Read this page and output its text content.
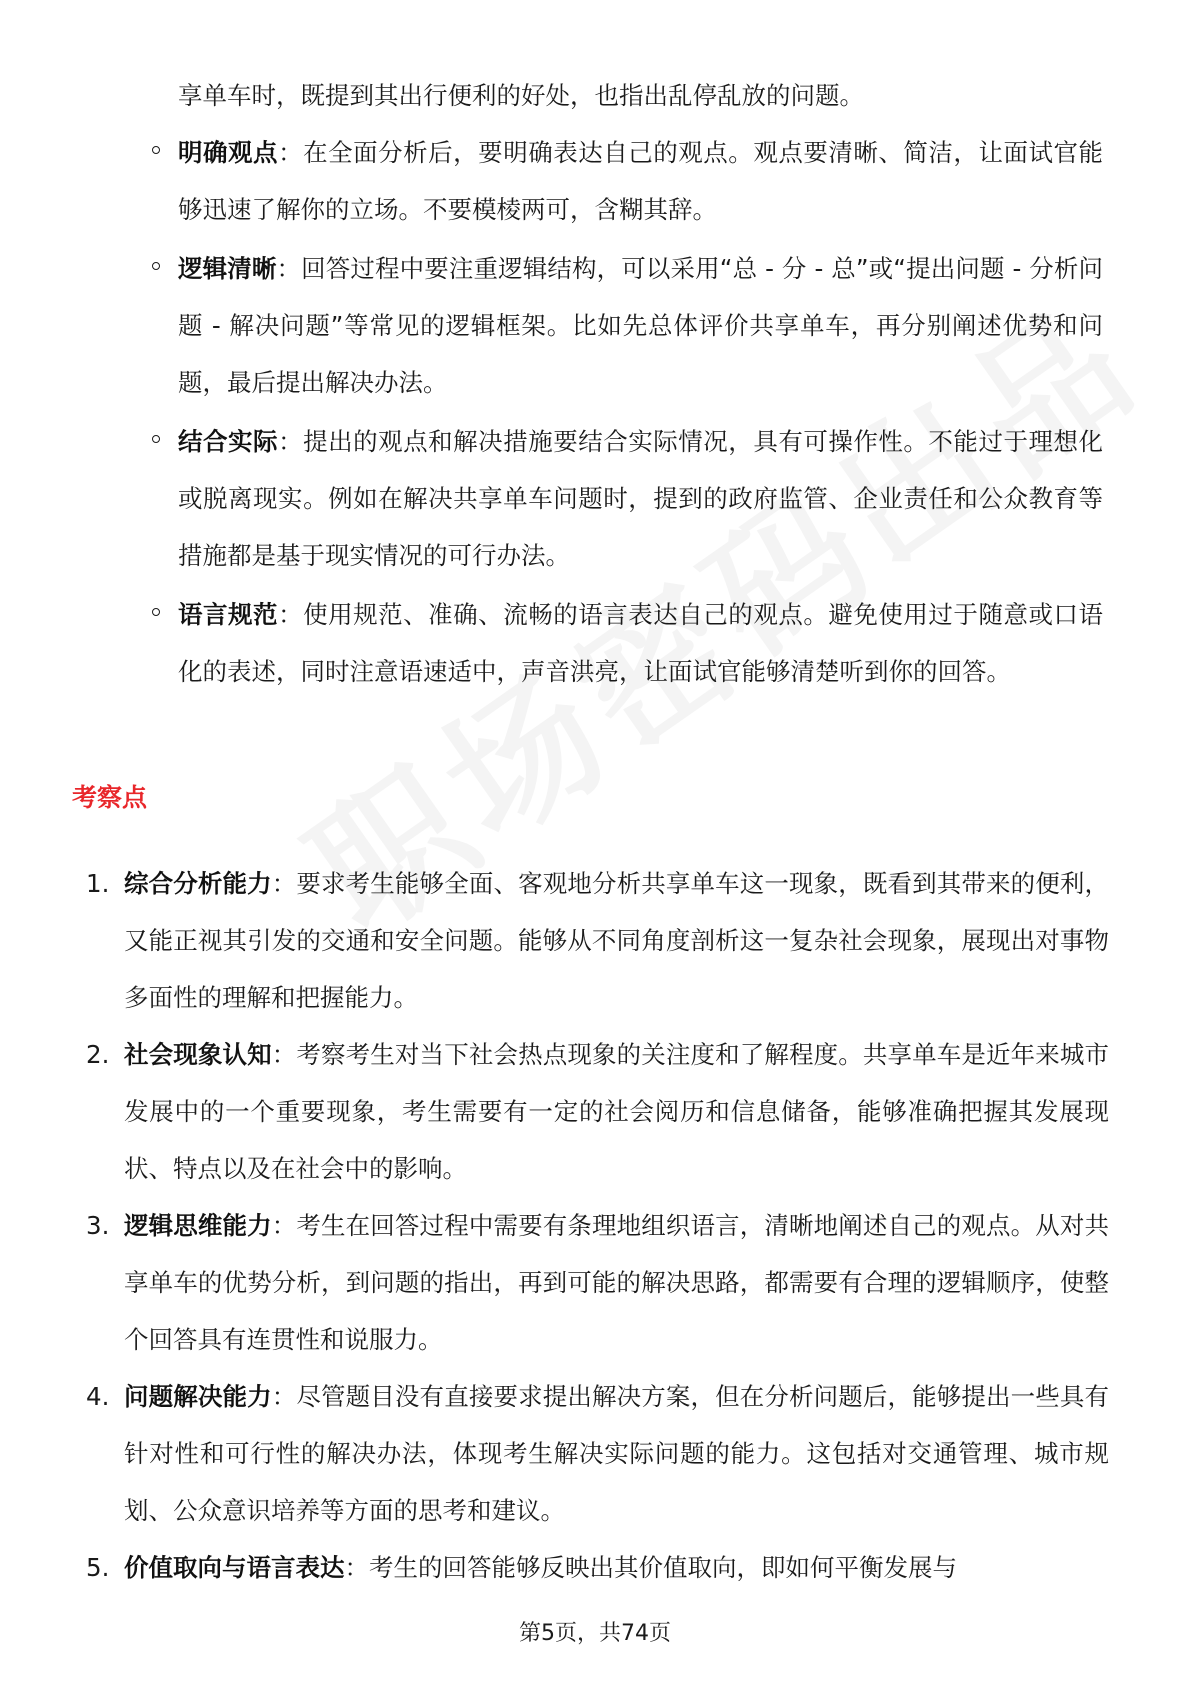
享单车时，既提到其出行便利的好处，也指出乱停乱放的问题。
明确观点：在全面分析后，要明确表达自己的观点。观点要清晰、简洁，让面试官能够迅速了解你的立场。不要模棱两可，含糊其辞。
逻辑清晰：回答过程中要注重逻辑结构，可以采用“总 - 分 - 总”或“提出问题 - 分析问题 - 解决问题”等常见的逻辑框架。比如先总体评价共享单车，再分别阐述优势和问题，最后提出解决办法。
结合实际：提出的观点和解决措施要结合实际情况，具有可操作性。不能过于理想化或脱离现实。例如在解决共享单车问题时，提到的政府监管、企业责任和公众教育等措施都是基于现实情况的可行办法。
语言规范：使用规范、准确、流畅的语言表达自己的观点。避免使用过于随意或口语化的表述，同时注意语速适中，声音洪亮，让面试官能够清楚听到你的回答。
考察点
1. 综合分析能力：要求考生能够全面、客观地分析共享单车这一现象，既看到其带来的便利，又能正视其引发的交通和安全问题。能够从不同角度剖析这一复杂社会现象，展现出对事物多面性的理解和把握能力。
2. 社会现象认知：考察考生对当下社会热点现象的关注度和了解程度。共享单车是近年来城市发展中的一个重要现象，考生需要有一定的社会阅历和信息储备，能够准确把握其发展现状、特点以及在社会中的影响。
3. 逻辑思维能力：考生在回答过程中需要有条理地组织语言，清晰地阐述自己的观点。从对共享单车的优势分析，到问题的指出，再到可能的解决思路，都需要有合理的逻辑顺序，使整个回答具有连贯性和说服力。
4. 问题解决能力：尽管题目没有直接要求提出解决方案，但在分析问题后，能够提出一些具有针对性和可行性的解决办法，体现考生解决实际问题的能力。这包括对交通管理、城市规划、公众意识培养等方面的思考和建议。
5. 价值取向与语言表达：考生的回答能够反映出其价值取向，即如何平衡发展与
第5页，共74页
